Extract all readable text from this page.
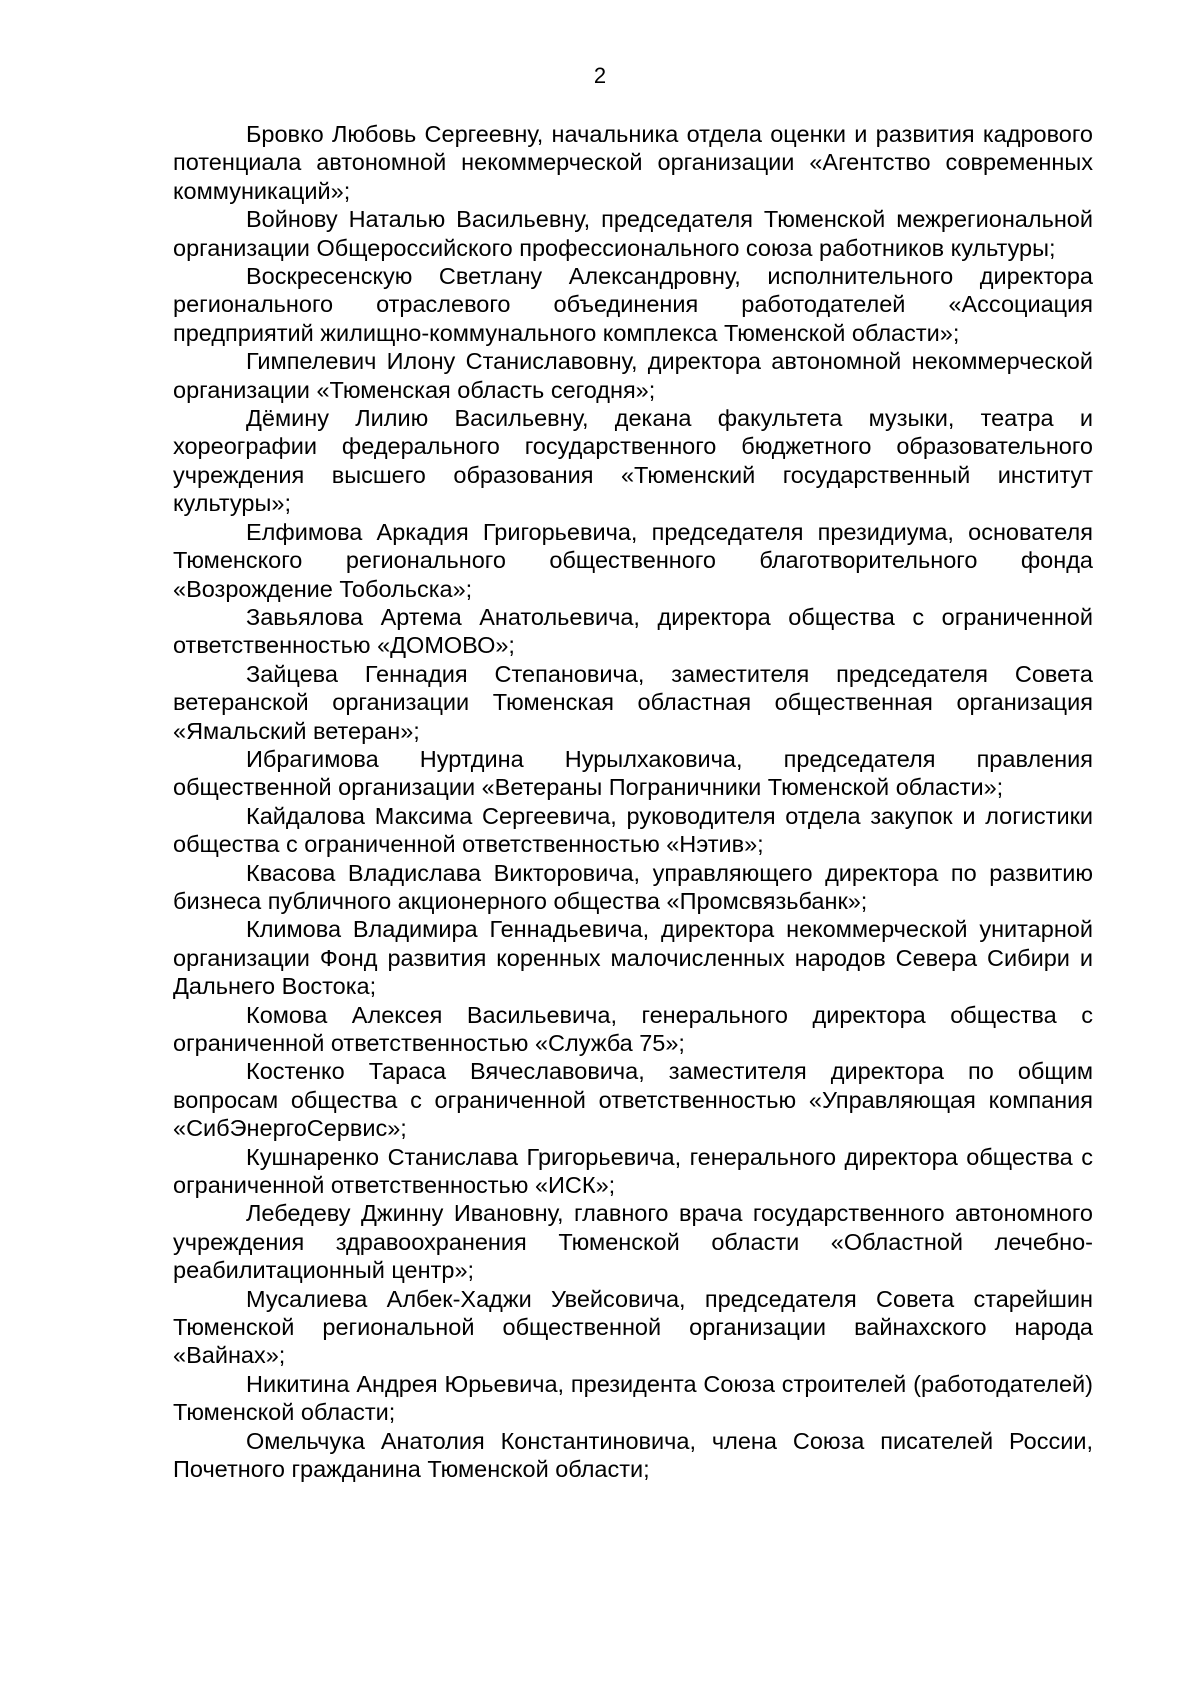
2

Бровко Любовь Сергеевну, начальника отдела оценки и развития кадрового потенциала автономной некоммерческой организации «Агентство современных коммуникаций»;

Войнову Наталью Васильевну, председателя Тюменской межрегиональной организации Общероссийского профессионального союза работников культуры;

Воскресенскую Светлану Александровну, исполнительного директора регионального отраслевого объединения работодателей «Ассоциация предприятий жилищно-коммунального комплекса Тюменской области»;

Гимпелевич Илону Станиславовну, директора автономной некоммерческой организации «Тюменская область сегодня»;

Дёмину Лилию Васильевну, декана факультета музыки, театра и хореографии федерального государственного бюджетного образовательного учреждения высшего образования «Тюменский государственный институт культуры»;

Елфимова Аркадия Григорьевича, председателя президиума, основателя Тюменского регионального общественного благотворительного фонда «Возрождение Тобольска»;

Завьялова Артема Анатольевича, директора общества с ограниченной ответственностью «ДОМОВО»;

Зайцева Геннадия Степановича, заместителя председателя Совета ветеранской организации Тюменская областная общественная организация «Ямальский ветеран»;

Ибрагимова Нуртдина Нурылхаковича, председателя правления общественной организации «Ветераны Пограничники Тюменской области»;

Кайдалова Максима Сергеевича, руководителя отдела закупок и логистики общества с ограниченной ответственностью «Нэтив»;

Квасова Владислава Викторовича, управляющего директора по развитию бизнеса публичного акционерного общества «Промсвязьбанк»;

Климова Владимира Геннадьевича, директора некоммерческой унитарной организации Фонд развития коренных малочисленных народов Севера Сибири и Дальнего Востока;

Комова Алексея Васильевича, генерального директора общества с ограниченной ответственностью «Служба 75»;

Костенко Тараса Вячеславовича, заместителя директора по общим вопросам общества с ограниченной ответственностью «Управляющая компания «СибЭнергоСервис»;

Кушнаренко Станислава Григорьевича, генерального директора общества с ограниченной ответственностью «ИСК»;

Лебедеву Джинну Ивановну, главного врача государственного автономного учреждения здравоохранения Тюменской области «Областной лечебно-реабилитационный центр»;

Мусалиева Албек-Хаджи Увейсовича, председателя Совета старейшин Тюменской региональной общественной организации вайнахского народа «Вайнах»;

Никитина Андрея Юрьевича, президента Союза строителей (работодателей) Тюменской области;

Омельчука Анатолия Константиновича, члена Союза писателей России, Почетного гражданина Тюменской области;
